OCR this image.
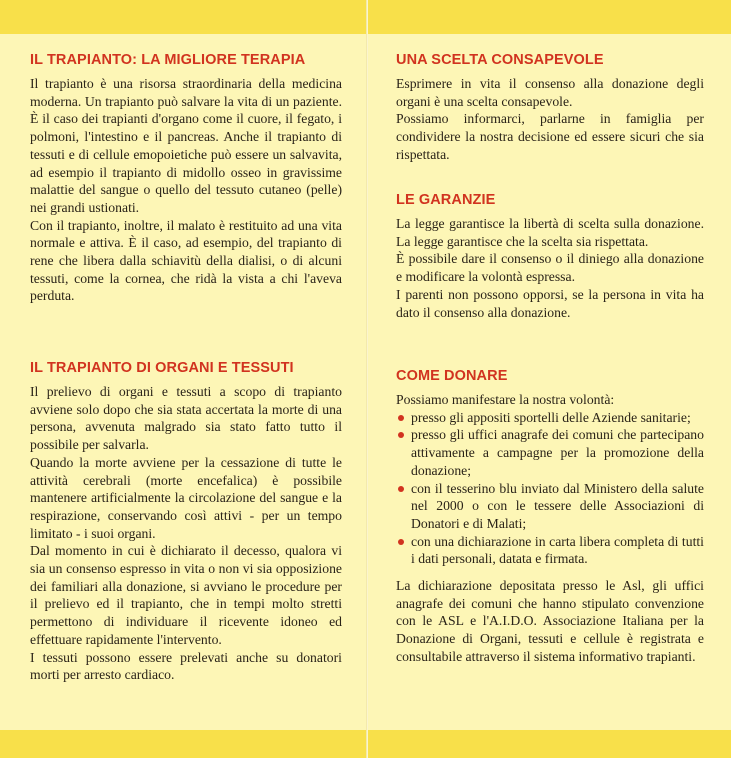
IL TRAPIANTO: LA MIGLIORE TERAPIA

Il trapianto è una risorsa straordinaria della medicina moderna. Un trapianto può salvare la vita di un paziente. È il caso dei trapianti d'organo come il cuore, il fegato, i polmoni, l'intestino e il pancreas. Anche il trapianto di tessuti e di cellule emopoietiche può essere un salvavita, ad esempio il trapianto di midollo osseo in gravissime malattie del sangue o quello del tessuto cutaneo (pelle) nei grandi ustionati.

Con il trapianto, inoltre, il malato è restituito ad una vita normale e attiva. È il caso, ad esempio, del trapianto di rene che libera dalla schiavitù della dialisi, o di alcuni tessuti, come la cornea, che ridà la vista a chi l'aveva perduta.

IL TRAPIANTO DI ORGANI E TESSUTI

Il prelievo di organi e tessuti a scopo di trapianto avviene solo dopo che sia stata accertata la morte di una persona, avvenuta malgrado sia stato fatto tutto il possibile per salvarla.

Quando la morte avviene per la cessazione di tutte le attività cerebrali (morte encefalica) è possibile mantenere artificialmente la circolazione del sangue e la respirazione, conservando così attivi - per un tempo limitato - i suoi organi.

Dal momento in cui è dichiarato il decesso, qualora vi sia un consenso espresso in vita o non vi sia opposizione dei familiari alla donazione, si avviano le procedure per il prelievo ed il trapianto, che in tempi molto stretti permettono di individuare il ricevente idoneo ed effettuare rapidamente l'intervento.

I tessuti possono essere prelevati anche su donatori morti per arresto cardiaco.

UNA SCELTA CONSAPEVOLE

Esprimere in vita il consenso alla donazione degli organi è una scelta consapevole.

Possiamo informarci, parlarne in famiglia per condividere la nostra decisione ed essere sicuri che sia rispettata.

LE GARANZIE

La legge garantisce la libertà di scelta sulla donazione. La legge garantisce che la scelta sia rispettata.

È possibile dare il consenso o il diniego alla donazione e modificare la volontà espressa.

I parenti non possono opporsi, se la persona in vita ha dato il consenso alla donazione.

COME DONARE

Possiamo manifestare la nostra volontà:

presso gli appositi sportelli delle Aziende sanitarie;
presso gli uffici anagrafe dei comuni che partecipano attivamente a campagne per la promozione della donazione;
con il tesserino blu inviato dal Ministero della salute nel 2000 o con le tessere delle Associazioni di Donatori e di Malati;
con una dichiarazione in carta libera completa di tutti i dati personali, datata e firmata.

La dichiarazione depositata presso le Asl, gli uffici anagrafe dei comuni che hanno stipulato convenzione con le ASL e l'A.I.D.O. Associazione Italiana per la Donazione di Organi, tessuti e cellule è registrata e consultabile attraverso il sistema informativo trapianti.
